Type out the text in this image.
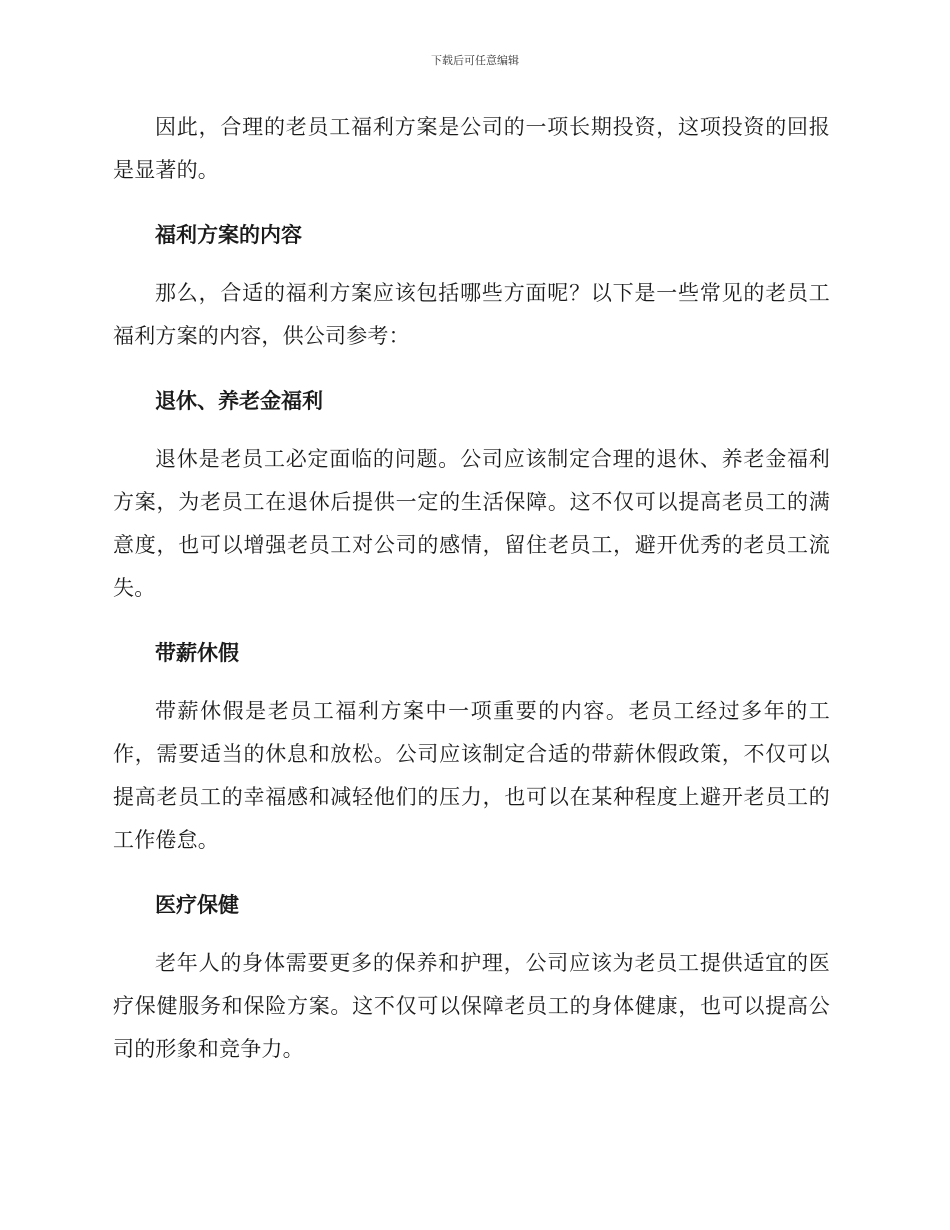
下载后可任意编辑

因此，合理的老员工福利方案是公司的一项长期投资，这项投资的回报是显著的。

福利方案的内容

那么，合适的福利方案应该包括哪些方面呢？以下是一些常见的老员工福利方案的内容，供公司参考：

退休、养老金福利

退休是老员工必定面临的问题。公司应该制定合理的退休、养老金福利方案，为老员工在退休后提供一定的生活保障。这不仅可以提高老员工的满意度，也可以增强老员工对公司的感情，留住老员工，避开优秀的老员工流失。

带薪休假

带薪休假是老员工福利方案中一项重要的内容。老员工经过多年的工作，需要适当的休息和放松。公司应该制定合适的带薪休假政策，不仅可以提高老员工的幸福感和减轻他们的压力，也可以在某种程度上避开老员工的工作倦怠。

医疗保健

老年人的身体需要更多的保养和护理，公司应该为老员工提供适宜的医疗保健服务和保险方案。这不仅可以保障老员工的身体健康，也可以提高公司的形象和竞争力。
